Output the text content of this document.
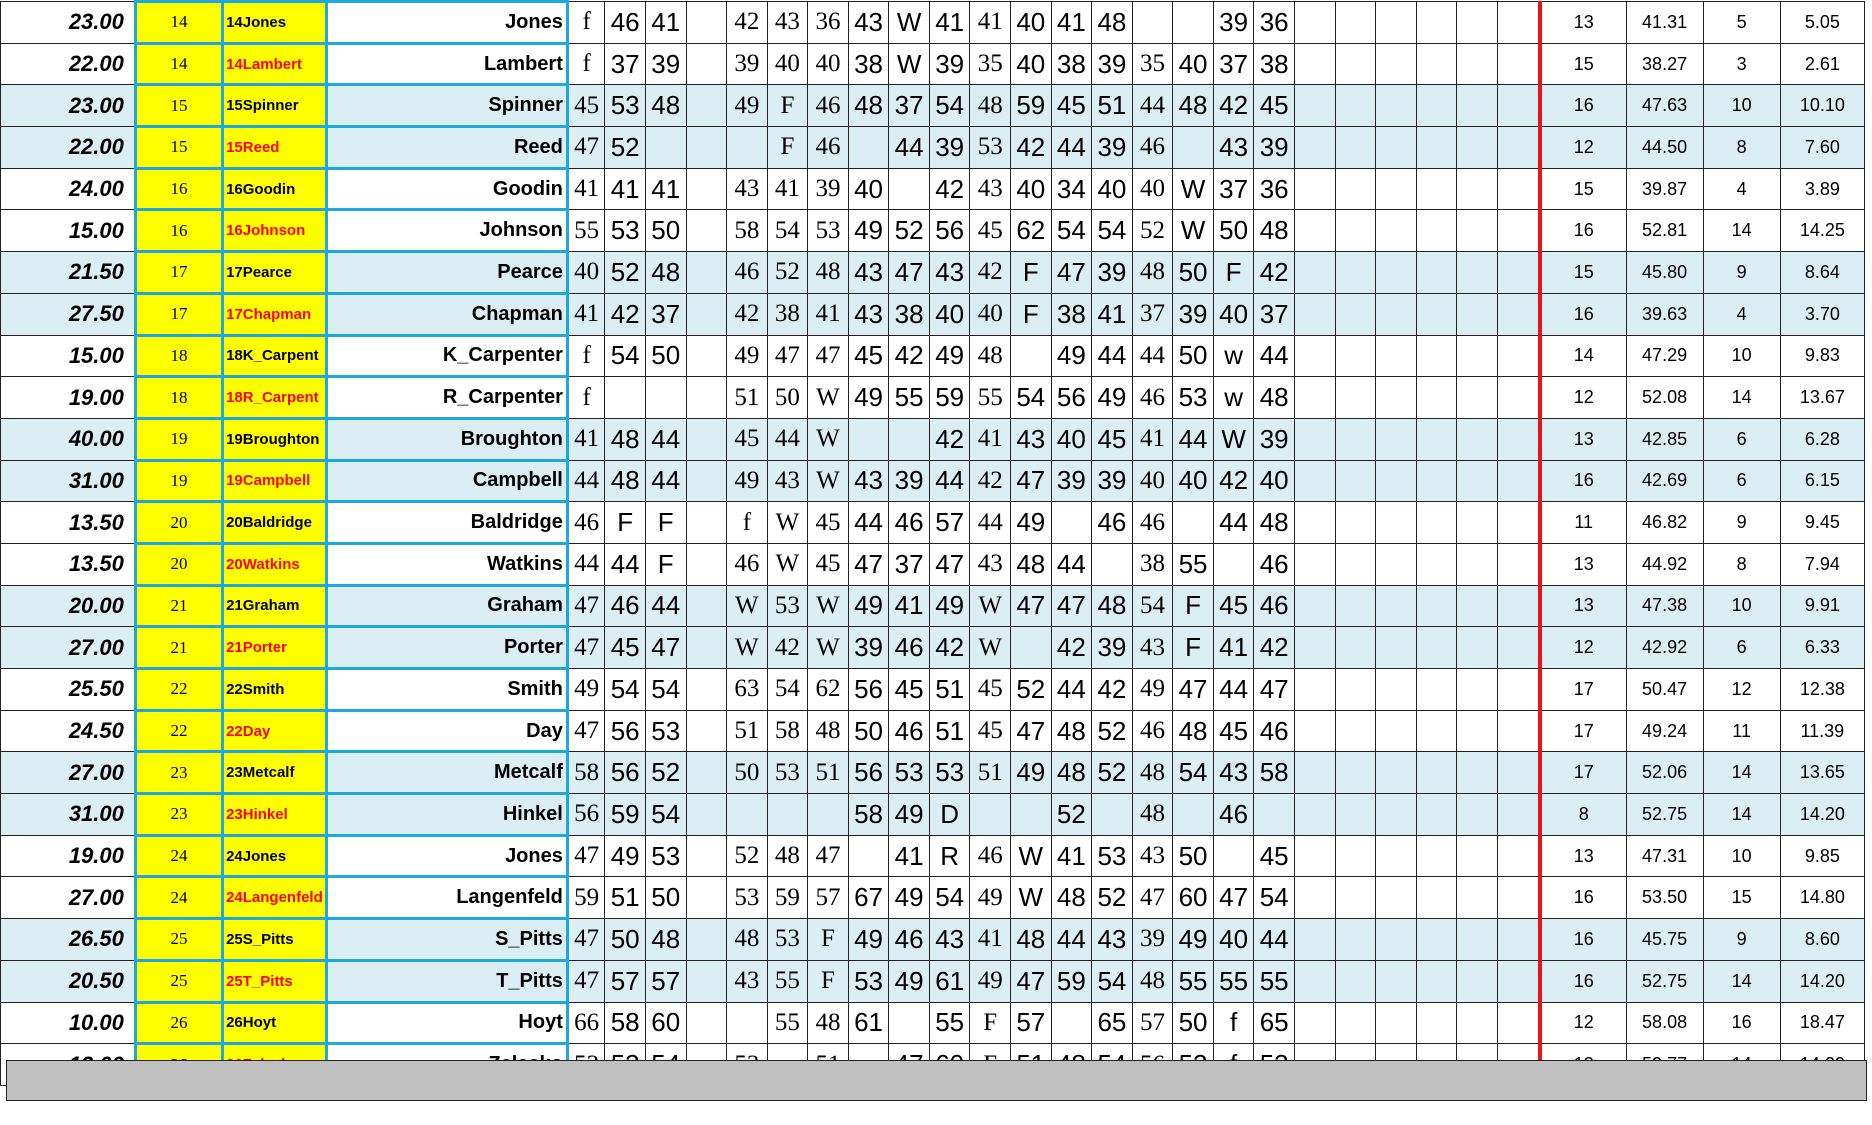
23.00	14	14Jones	Jones	f	46	41		42	43	36	43	W	41	41	40	41	48			39	36							13	41.31	5	5.05
22.00	14	14Lambert	Lambert	f	37	39		39	40	40	38	W	39	35	40	38	39	35	40	37	38							15	38.27	3	2.61
23.00	15	15Spinner	Spinner	45	53	48		49	F	46	48	37	54	48	59	45	51	44	48	42	45							16	47.63	10	10.10
22.00	15	15Reed	Reed	47	52				F	46		44	39	53	42	44	39	46		43	39							12	44.50	8	7.60
24.00	16	16Goodin	Goodin	41	41	41		43	41	39	40		42	43	40	34	40	40	W	37	36							15	39.87	4	3.89
15.00	16	16Johnson	Johnson	55	53	50		58	54	53	49	52	56	45	62	54	54	52	W	50	48							16	52.81	14	14.25
21.50	17	17Pearce	Pearce	40	52	48		46	52	48	43	47	43	42	F	47	39	48	50	F	42							15	45.80	9	8.64
27.50	17	17Chapman	Chapman	41	42	37		42	38	41	43	38	40	40	F	38	41	37	39	40	37							16	39.63	4	3.70
15.00	18	18K_Carpent	K_Carpenter	f	54	50		49	47	47	45	42	49	48		49	44	44	50	w	44							14	47.29	10	9.83
19.00	18	18R_Carpent	R_Carpenter	f				51	50	W	49	55	59	55	54	56	49	46	53	w	48							12	52.08	14	13.67
40.00	19	19Broughton	Broughton	41	48	44		45	44	W			42	41	43	40	45	41	44	W	39							13	42.85	6	6.28
31.00	19	19Campbell	Campbell	44	48	44		49	43	W	43	39	44	42	47	39	39	40	40	42	40							16	42.69	6	6.15
13.50	20	20Baldridge	Baldridge	46	F	F		f	W	45	44	46	57	44	49		46	46		44	48							11	46.82	9	9.45
13.50	20	20Watkins	Watkins	44	44	F		46	W	45	47	37	47	43	48	44		38	55		46							13	44.92	8	7.94
20.00	21	21Graham	Graham	47	46	44		W	53	W	49	41	49	W	47	47	48	54	F	45	46							13	47.38	10	9.91
27.00	21	21Porter	Porter	47	45	47		W	42	W	39	46	42	W		42	39	43	F	41	42							12	42.92	6	6.33
25.50	22	22Smith	Smith	49	54	54		63	54	62	56	45	51	45	52	44	42	49	47	44	47							17	50.47	12	12.38
24.50	22	22Day	Day	47	56	53		51	58	48	50	46	51	45	47	48	52	46	48	45	46							17	49.24	11	11.39
27.00	23	23Metcalf	Metcalf	58	56	52		50	53	51	56	53	53	51	49	48	52	48	54	43	58							17	52.06	14	13.65
31.00	23	23Hinkel	Hinkel	56	59	54					58	49	D			52		48		46								8	52.75	14	14.20
19.00	24	24Jones	Jones	47	49	53		52	48	47		41	R	46	W	41	53	43	50		45							13	47.31	10	9.85
27.00	24	24Langenfeld	Langenfeld	59	51	50		53	59	57	67	49	54	49	W	48	52	47	60	47	54							16	53.50	15	14.80
26.50	25	25S_Pitts	S_Pitts	47	50	48		48	53	F	49	46	43	41	48	44	43	39	49	40	44							16	45.75	9	8.60
20.50	25	25T_Pitts	T_Pitts	47	57	57		43	55	F	53	49	61	49	47	59	54	48	55	55	55							16	52.75	14	14.20
10.00	26	26Hoyt	Hoyt	66	58	60			55	48	61		55	F	57		65	57	50	f	65							12	58.08	16	18.47
